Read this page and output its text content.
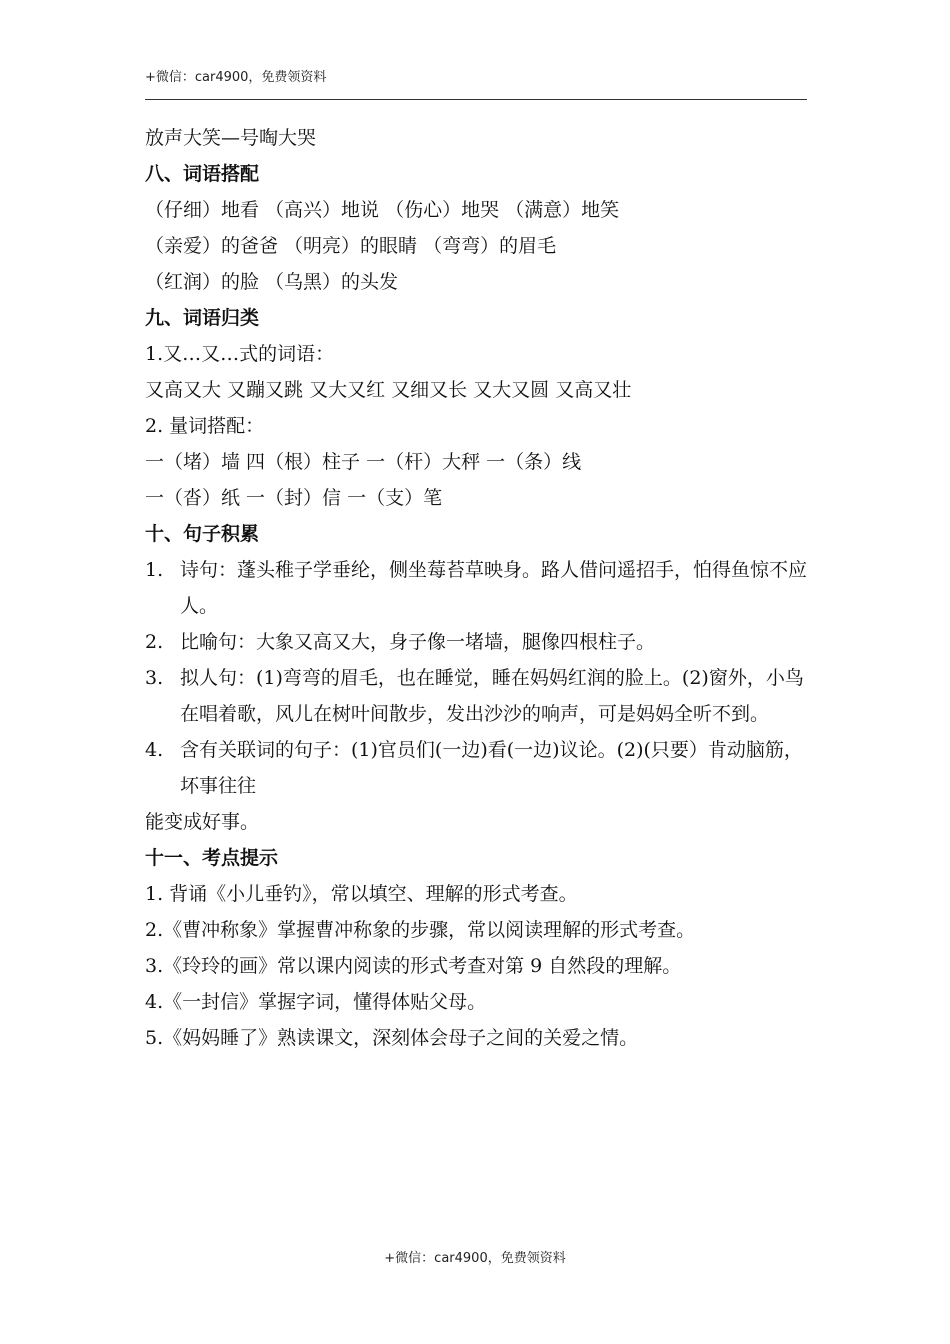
+微信：car4900，免费领资料
放声大笑—号啕大哭
八、词语搭配
（仔细）地看 （高兴）地说 （伤心）地哭 （满意）地笑
（亲爱）的爸爸 （明亮）的眼睛 （弯弯）的眉毛
（红润）的脸 （乌黑）的头发
九、词语归类
1.又…又…式的词语：
又高又大 又蹦又跳 又大又红 又细又长 又大又圆 又高又壮
2. 量词搭配：
一（堵）墙 四（根）柱子 一（杆）大秤 一（条）线
一（沓）纸 一（封）信 一（支）笔
十、句子积累
1. 诗句：蓬头稚子学垂纶，侧坐莓苔草映身。路人借问遥招手，怕得鱼惊不应人。
2. 比喻句：大象又高又大，身子像一堵墙，腿像四根柱子。
3. 拟人句：(1)弯弯的眉毛，也在睡觉，睡在妈妈红润的脸上。(2)窗外，小鸟在唱着歌，风儿在树叶间散步，发出沙沙的响声，可是妈妈全听不到。
4. 含有关联词的句子：(1)官员们(一边)看(一边)议论。(2)(只要）肯动脑筋，坏事往往
能变成好事。
十一、考点提示
1. 背诵《小儿垂钓》，常以填空、理解的形式考查。
2.《曹冲称象》掌握曹冲称象的步骤，常以阅读理解的形式考查。
3.《玲玲的画》常以课内阅读的形式考查对第 9 自然段的理解。
4.《一封信》掌握字词，懂得体贴父母。
5.《妈妈睡了》熟读课文，深刻体会母子之间的关爱之情。
+微信：car4900，免费领资料
